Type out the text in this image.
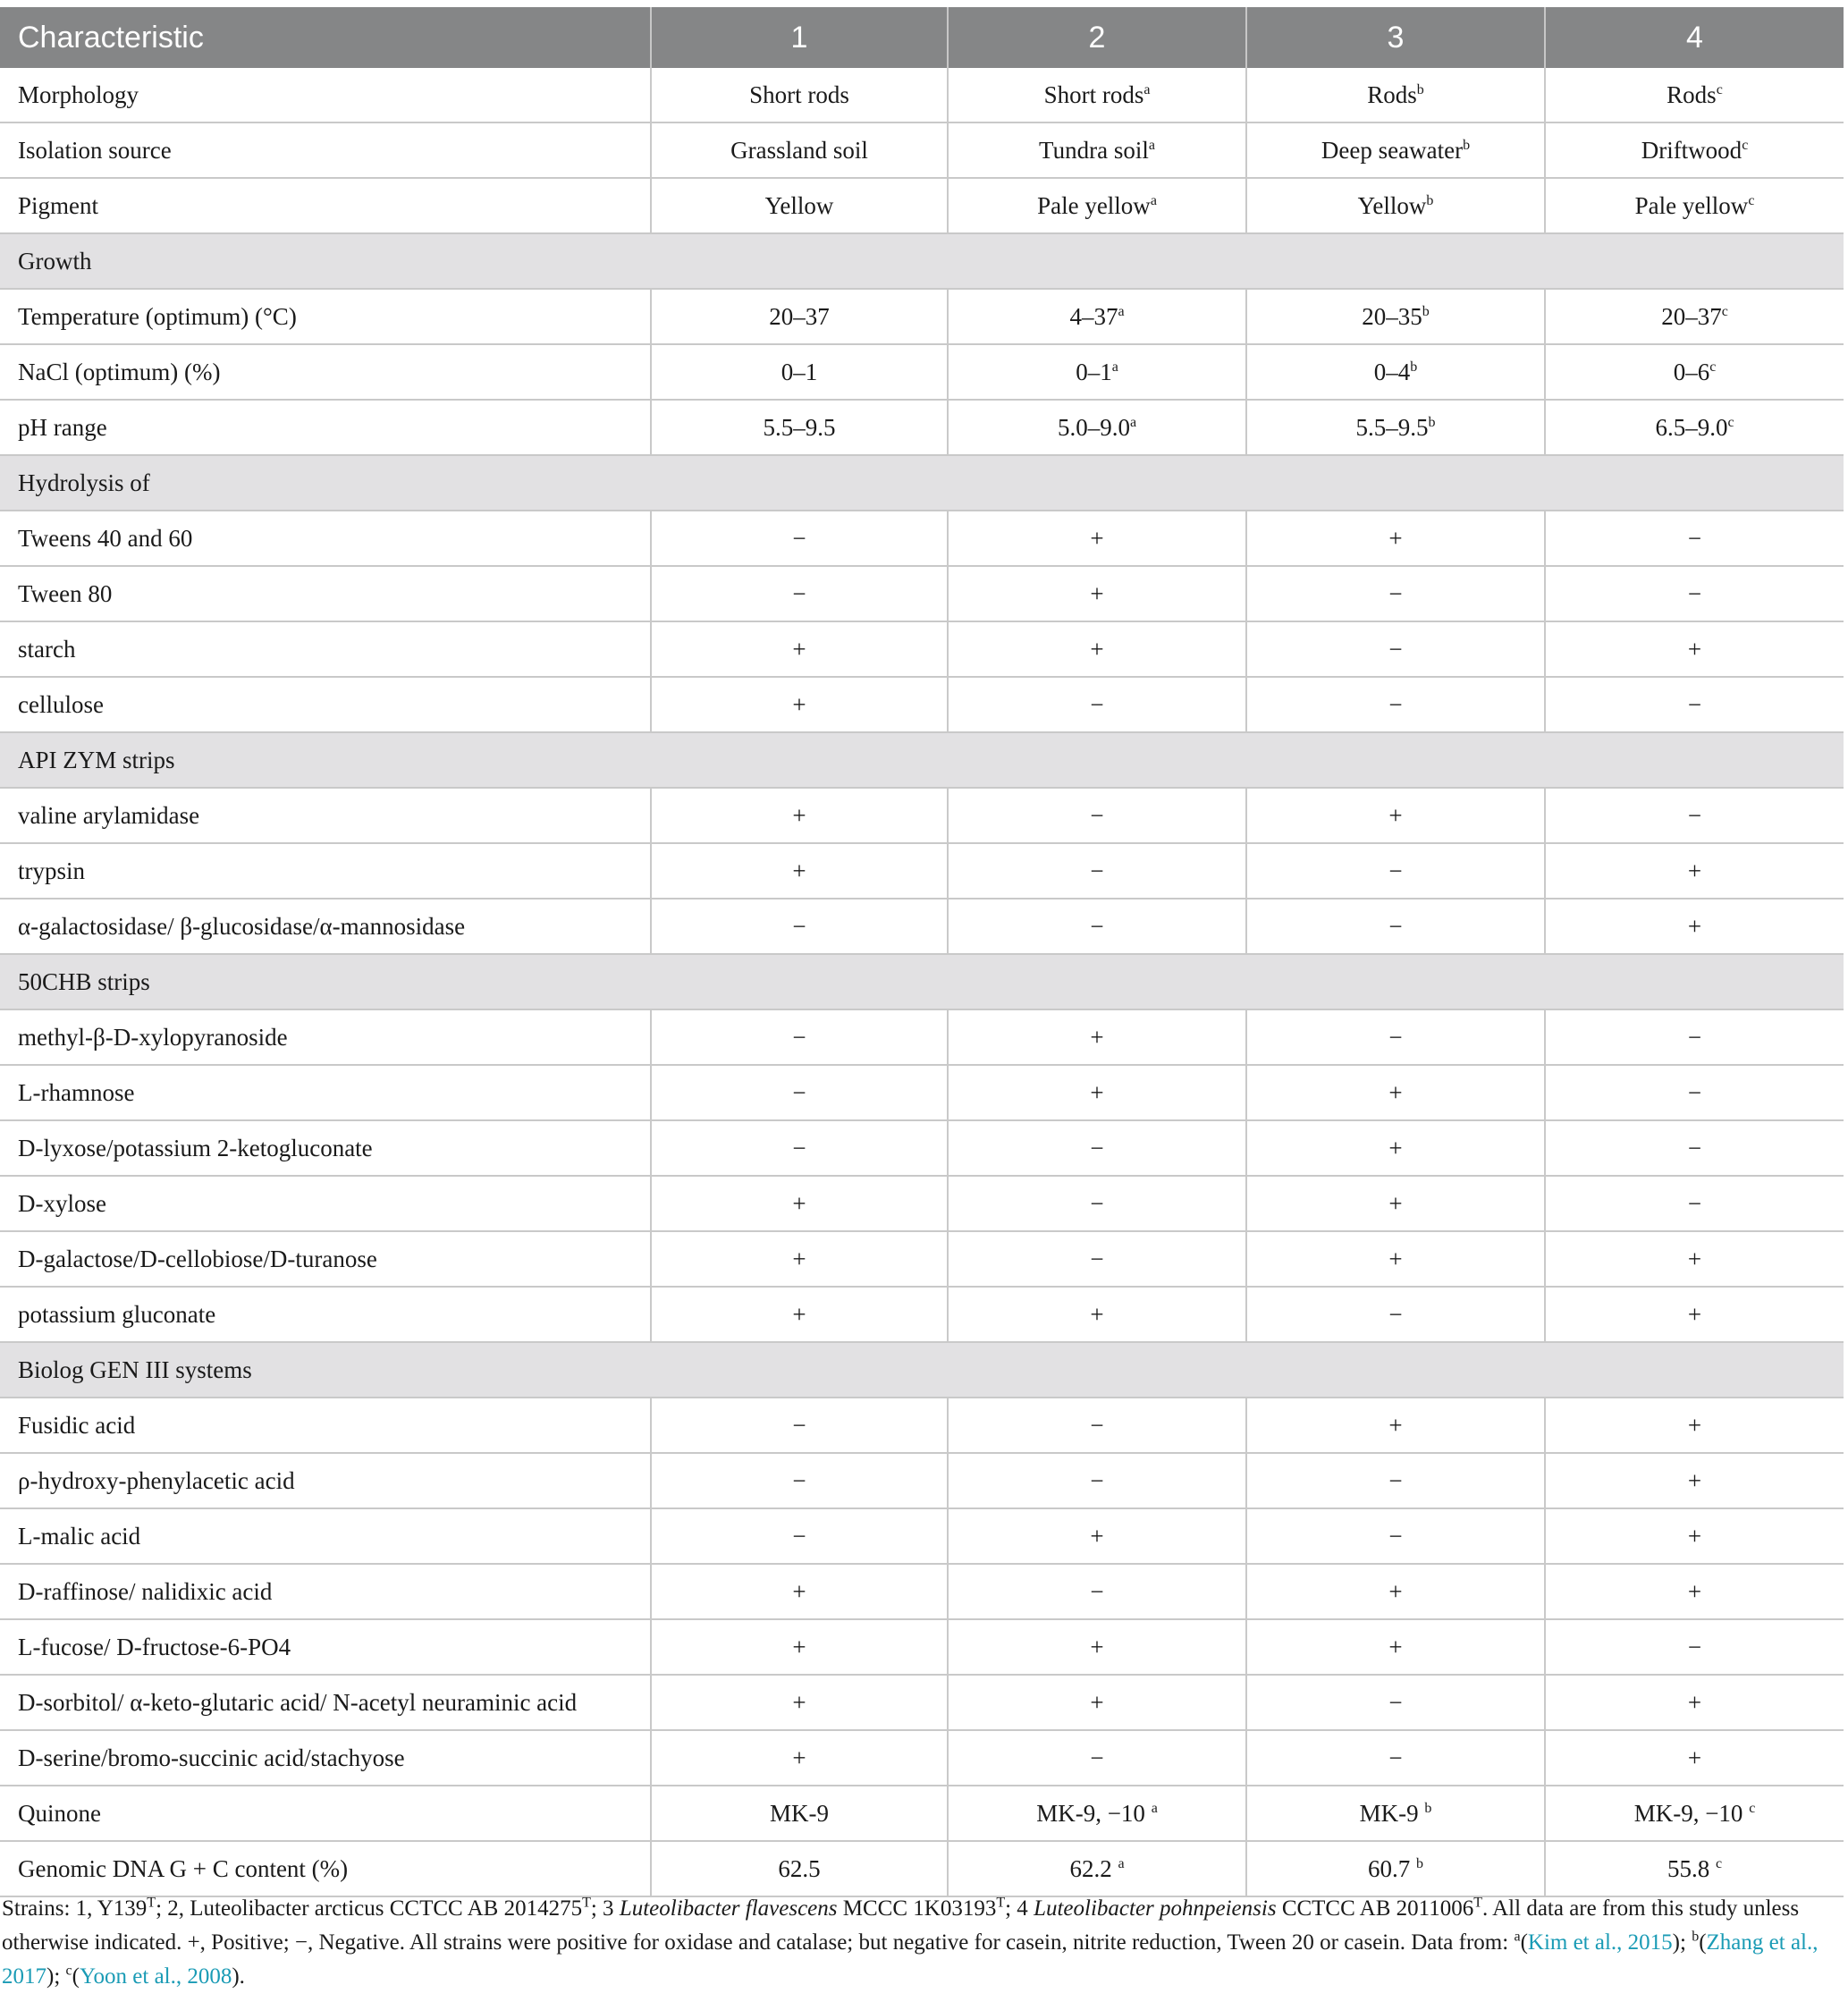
Characteristic	1	2	3	4
Morphology	Short rods	Short rods$^a$	Rods$^b$	Rods$^c$
Isolation source	Grassland soil	Tundra soil$^a$	Deep seawater$^b$	Driftwood$^c$
Pigment	Yellow	Pale yellow$^a$	Yellow$^b$	Pale yellow$^c$
Growth				
Temperature (optimum) (°C)	20–37	4–37$^a$	20–35$^b$	20–37$^c$
NaCl (optimum) (%)	0–1	0–1$^a$	0–4$^b$	0–6$^c$
pH range	5.5–9.5	5.0–9.0$^a$	5.5–9.5$^b$	6.5–9.0$^c$
Hydrolysis of				
Tweens 40 and 60	−	+	+	−
Tween 80	−	+	−	−
starch	+	+	−	+
cellulose	+	−	−	−
API ZYM strips				
valine arylamidase	+	−	+	−
trypsin	+	−	−	+
α-galactosidase/ β-glucosidase/α-mannosidase	−	−	−	+
50CHB strips				
methyl-β-D-xylopyranoside	−	+	−	−
L-rhamnose	−	+	+	−
D-lyxose/potassium 2-ketogluconate	−	−	+	−
D-xylose	+	−	+	−
D-galactose/D-cellobiose/D-turanose	+	−	+	+
potassium gluconate	+	+	−	+
Biolog GEN III systems				
Fusidic acid	−	−	+	+
ρ-hydroxy-phenylacetic acid	−	−	−	+
L-malic acid	−	+	−	+
D-raffinose/ nalidixic acid	+	−	+	+
L-fucose/ D-fructose-6-PO4	+	+	+	−
D-sorbitol/ α-keto-glutaric acid/ N-acetyl neuraminic acid	+	+	−	+
D-serine/bromo-succinic acid/stachyose	+	−	−	+
Quinone	MK-9	MK-9, −10 $^a$	MK-9 $^b$	MK-9, −10 $^c$
Genomic DNA G + C content (%)	62.5	62.2 $^a$	60.7 $^b$	55.8 $^c$
Strains: 1, $Y139^T$; 2, Luteolibacter arcticus CCTCC AB $2014275^T$; 3 Luteolibacter flavescens MCCC $1K03193^T$; 4 Luteolibacter pohnpeiensis CCTCC AB $2011006^T$. All data are from this study unless otherwise indicated. +, Positive; −, Negative. All strains were positive for oxidase and catalase; but negative for casein, nitrite reduction, Tween 20 or casein. Data from: $^a$(Kim et al., 2015); $^b$(Zhang et al., 2017); $^c$(Yoon et al., 2008).
